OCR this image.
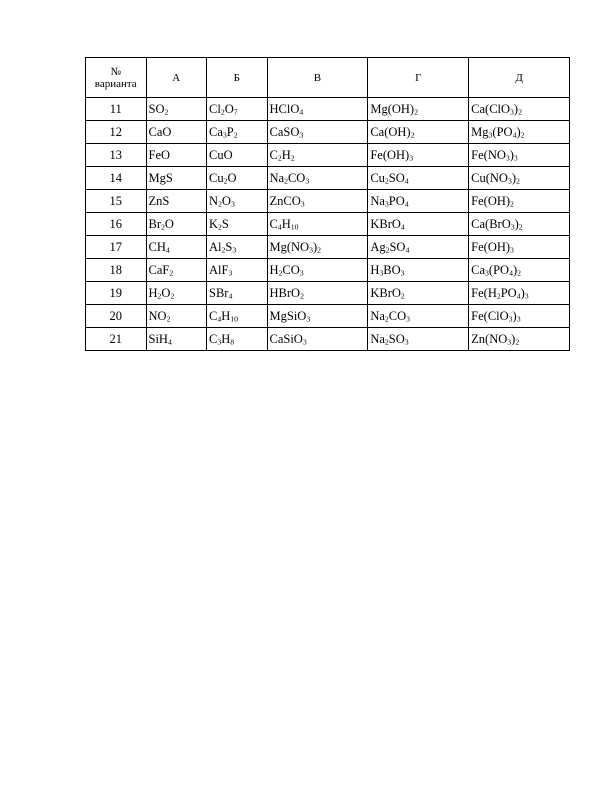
№
варианта	А	Б	В	Г	Д
11	$SO_2$	$Cl_2O_7$	HClO$_4$	$Mg(OH)_2$	$Ca(ClO_3)_2$
12	CaO	$Ca_3P_2$	CaSO$_3$	$Ca(OH)_2$	$Mg_3(PO_4)_2$
13	FeO	CuO	$C_2H_2$	$Fe(OH)_3$	$Fe(NO_3)_3$
14	MgS	$Cu_2O$	$Na_2CO_3$	$Cu_2SO_4$	$Cu(NO_3)_2$
15	ZnS	$N_2O_3$	ZnCO$_3$	$Na_3PO_4$	$Fe(OH)_2$
16	$Br_2O$	$K_2S$	$C_4H_{10}$	KBrO$_4$	$Ca(BrO_3)_2$
17	$CH_4$	$Al_2S_3$	$Mg(NO_3)_2$	$Ag_2SO_4$	$Fe(OH)_3$
18	CaF$_2$	AlF$_3$	$H_2CO_3$	$H_3BO_3$	$Ca_3(PO_4)_2$
19	$H_2O_2$	SBr$_4$	HBrO$_2$	KBrO$_2$	$Fe(H_2PO_4)_3$
20	$NO_2$	$C_4H_{10}$	MgSiO$_3$	$Na_2CO_3$	$Fe(ClO_3)_3$
21	SiH$_4$	$C_3H_8$	CaSiO$_3$	$Na_2SO_3$	$Zn(NO_3)_2$
